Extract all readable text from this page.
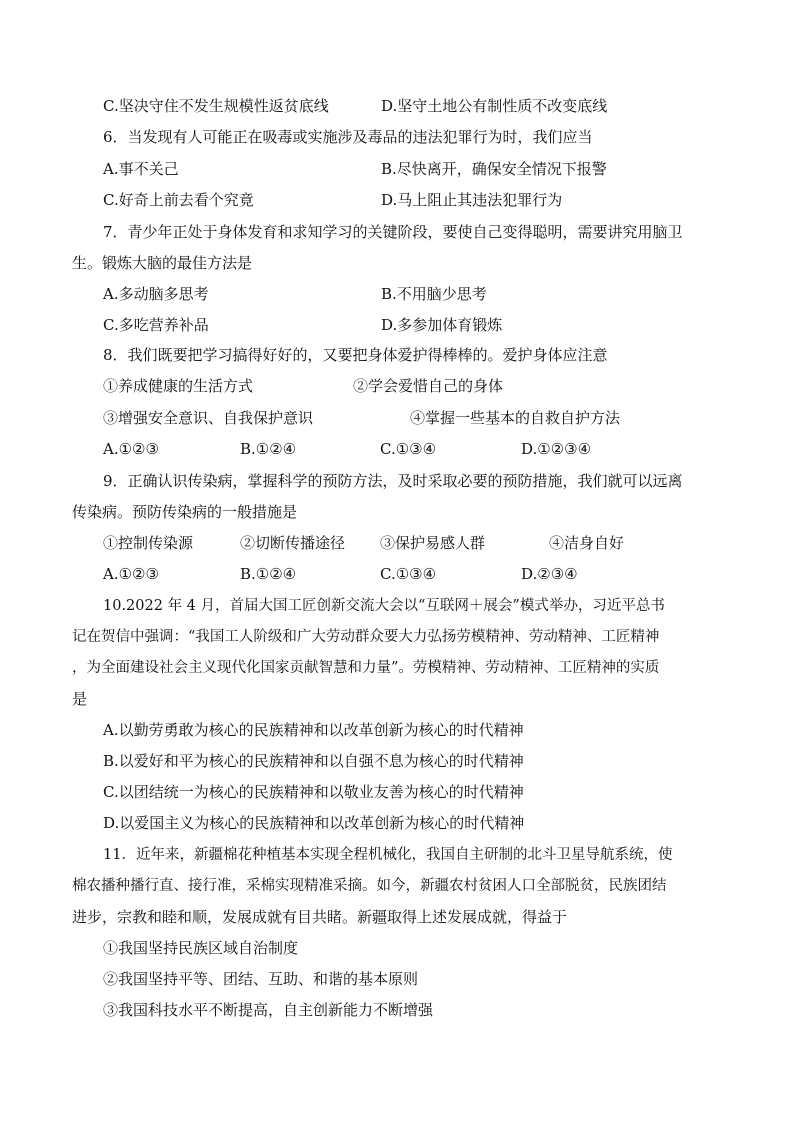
C.坚决守住不发生规模性返贫底线	D.坚守土地公有制性质不改变底线
6．当发现有人可能正在吸毒或实施涉及毒品的违法犯罪行为时，我们应当
A.事不关己	B.尽快离开，确保安全情况下报警
C.好奇上前去看个究竟	D.马上阻止其违法犯罪行为
7．青少年正处于身体发育和求知学习的关键阶段，要使自己变得聪明，需要讲究用脑卫
生。锻炼大脑的最佳方法是
A.多动脑多思考	B.不用脑少思考
C.多吃营养补品	D.多参加体育锻炼
8．我们既要把学习搞得好好的，又要把身体爱护得棒棒的。爱护身体应注意
①养成健康的生活方式	②学会爱惜自己的身体
③增强安全意识、自我保护意识	④掌握一些基本的自救自护方法
A.①②③	B.①②④	C.①③④	D.①②③④
9．正确认识传染病，掌握科学的预防方法，及时采取必要的预防措施，我们就可以远离
传染病。预防传染病的一般措施是
①控制传染源	②切断传播途径 ③保护易感人群	④洁身自好
A.①②③	B.①②④	C.①③④	D.②③④
10.2022 年 4 月，首届大国工匠创新交流大会以“互联网＋展会”模式举办，习近平总书
记在贺信中强调：“我国工人阶级和广大劳动群众要大力弘扬劳模精神、劳动精神、工匠精神
，为全面建设社会主义现代化国家贡献智慧和力量”。劳模精神、劳动精神、工匠精神的实质
是
A.以勤劳勇敢为核心的民族精神和以改革创新为核心的时代精神
B.以爱好和平为核心的民族精神和以自强不息为核心的时代精神
C.以团结统一为核心的民族精神和以敬业友善为核心的时代精神
D.以爱国主义为核心的民族精神和以改革创新为核心的时代精神
11．近年来，新疆棉花种植基本实现全程机械化，我国自主研制的北斗卫星导航系统，使
棉农播种播行直、接行准，采棉实现精准采摘。如今，新疆农村贫困人口全部脱贫，民族团结
进步，宗教和睦和顺，发展成就有目共睹。新疆取得上述发展成就，得益于
①我国坚持民族区域自治制度
②我国坚持平等、团结、互助、和谐的基本原则
③我国科技水平不断提高，自主创新能力不断增强
